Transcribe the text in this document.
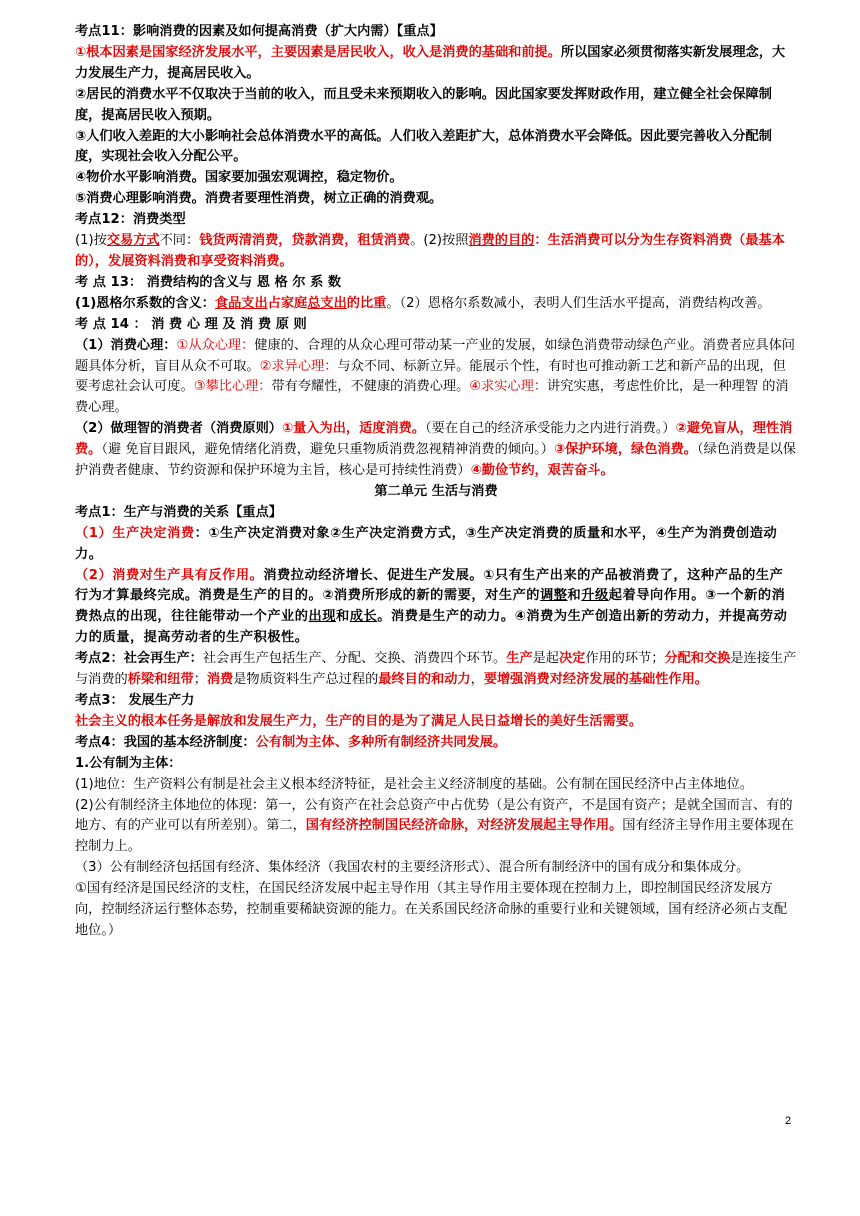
考点11：影响消费的因素及如何提高消费（扩大内需）【重点】

①根本因素是国家经济发展水平，主要因素是居民收入，收入是消费的基础和前提。所以国家必须贯彻落实新发展理念，大力发展生产力，提高居民收入。

②居民的消费水平不仅取决于当前的收入，而且受未来预期收入的影响。因此国家要发挥财政作用，建立健全社会保障制度，提高居民收入预期。

③人们收入差距的大小影响社会总体消费水平的高低。人们收入差距扩大，总体消费水平会降低。因此要完善收入分配制度，实现社会收入分配公平。

④物价水平影响消费。国家要加强宏观调控，稳定物价。

⑤消费心理影响消费。消费者要理性消费，树立正确的消费观。

考点12：消费类型

(1)按交易方式不同：钱货两清消费，贷款消费，租赁消费。(2)按照消费的目的：生活消费可以分为生存资料消费（最基本的），发展资料消费和享受资料消费。

考 点 13： 消费结构的含义与 恩 格 尔 系 数

(1)恩格尔系数的含义：食品支出占家庭总支出的比重。（2）恩格尔系数减小，表明人们生活水平提高，消费结构改善。

考 点 14 ： 消 费 心 理 及 消 费 原 则

（1）消费心理：①从众心理：健康的、合理的从众心理可带动某一产业的发展，如绿色消费带动绿色产业。消费者应具体问题具体分析，盲目从众不可取。②求异心理：与众不同、标新立异。能展示个性，有时也可推动新工艺和新产品的出现，但要考虑社会认可度。③攀比心理：带有夸耀性，不健康的消费心理。④求实心理：讲究实惠，考虑性价比，是一种理智 的消费心理。

（2）做理智的消费者（消费原则）①量入为出，适度消费。（要在自己的经济承受能力之内进行消费。）②避免盲从，理性消费。（避 免盲目跟风，避免情绪化消费，避免只重物质消费忽视精神消费的倾向。）③保护环境，绿色消费。（绿色消费是以保护消费者健康、节约资源和保护环境为主旨，核心是可持续性消费）④勤俭节约，艰苦奋斗。

第二单元 生活与消费

考点1：生产与消费的关系【重点】

（1）生产决定消费：①生产决定消费对象②生产决定消费方式，③生产决定消费的质量和水平，④生产为消费创造动力。

（2）消费对生产具有反作用。消费拉动经济增长、促进生产发展。①只有生产出来的产品被消费了，这种产品的生产行为才算最终完成。消费是生产的目的。②消费所形成的新的需要，对生产的调整和升级起着导向作用。③一个新的消费热点的出现，往往能带动一个产业的出现和成长。消费是生产的动力。④消费为生产创造出新的劳动力，并提高劳动力的质量，提高劳动者的生产积极性。

考点2：社会再生产：社会再生产包括生产、分配、交换、消费四个环节。生产是起决定作用的环节；分配和交换是连接生产与消费的桥梁和纽带；消费是物质资料生产总过程的最终目的和动力，要增强消费对经济发展的基础性作用。

考点3： 发展生产力

社会主义的根本任务是解放和发展生产力，生产的目的是为了满足人民日益增长的美好生活需要。

考点4：我国的基本经济制度：公有制为主体、多种所有制经济共同发展。

1.公有制为主体：

(1)地位：生产资料公有制是社会主义根本经济特征，是社会主义经济制度的基础。公有制在国民经济中占主体地位。

(2)公有制经济主体地位的体现：第一，公有资产在社会总资产中占优势（是公有资产，不是国有资产；是就全国而言、有的地方、有的产业可以有所差别）。第二，国有经济控制国民经济命脉，对经济发展起主导作用。国有经济主导作用主要体现在控制力上。

（3）公有制经济包括国有经济、集体经济（我国农村的主要经济形式）、混合所有制经济中的国有成分和集体成分。

①国有经济是国民经济的支柱，在国民经济发展中起主导作用（其主导作用主要体现在控制力上，即控制国民经济发展方向，控制经济运行整体态势，控制重要稀缺资源的能力。在关系国民经济命脉的重要行业和关键领域，国有经济必须占支配地位。）

2
